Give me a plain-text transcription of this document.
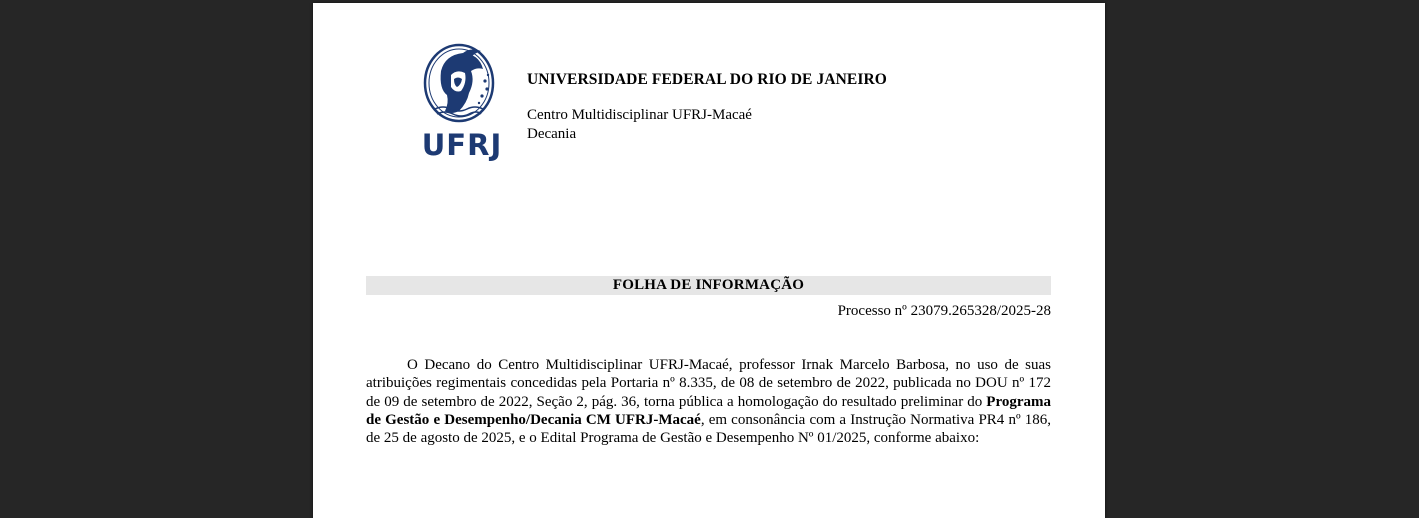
UFRJ
UNIVERSIDADE FEDERAL DO RIO DE JANEIRO
Centro Multidisciplinar UFRJ-Macaé
Decania
FOLHA DE INFORMAÇÃO
Processo nº 23079.265328/2025-28
O Decano do Centro Multidisciplinar UFRJ-Macaé, professor Irnak Marcelo Barbosa, no uso de suas atribuições regimentais concedidas pela Portaria nº 8.335, de 08 de setembro de 2022, publicada no DOU nº 172 de 09 de setembro de 2022, Seção 2, pág. 36, torna pública a homologação do resultado preliminar do Programa de Gestão e Desempenho/Decania CM UFRJ-Macaé, em consonância com a Instrução Normativa PR4 nº 186, de 25 de agosto de 2025, e o Edital Programa de Gestão e Desempenho Nº 01/2025, conforme abaixo:
